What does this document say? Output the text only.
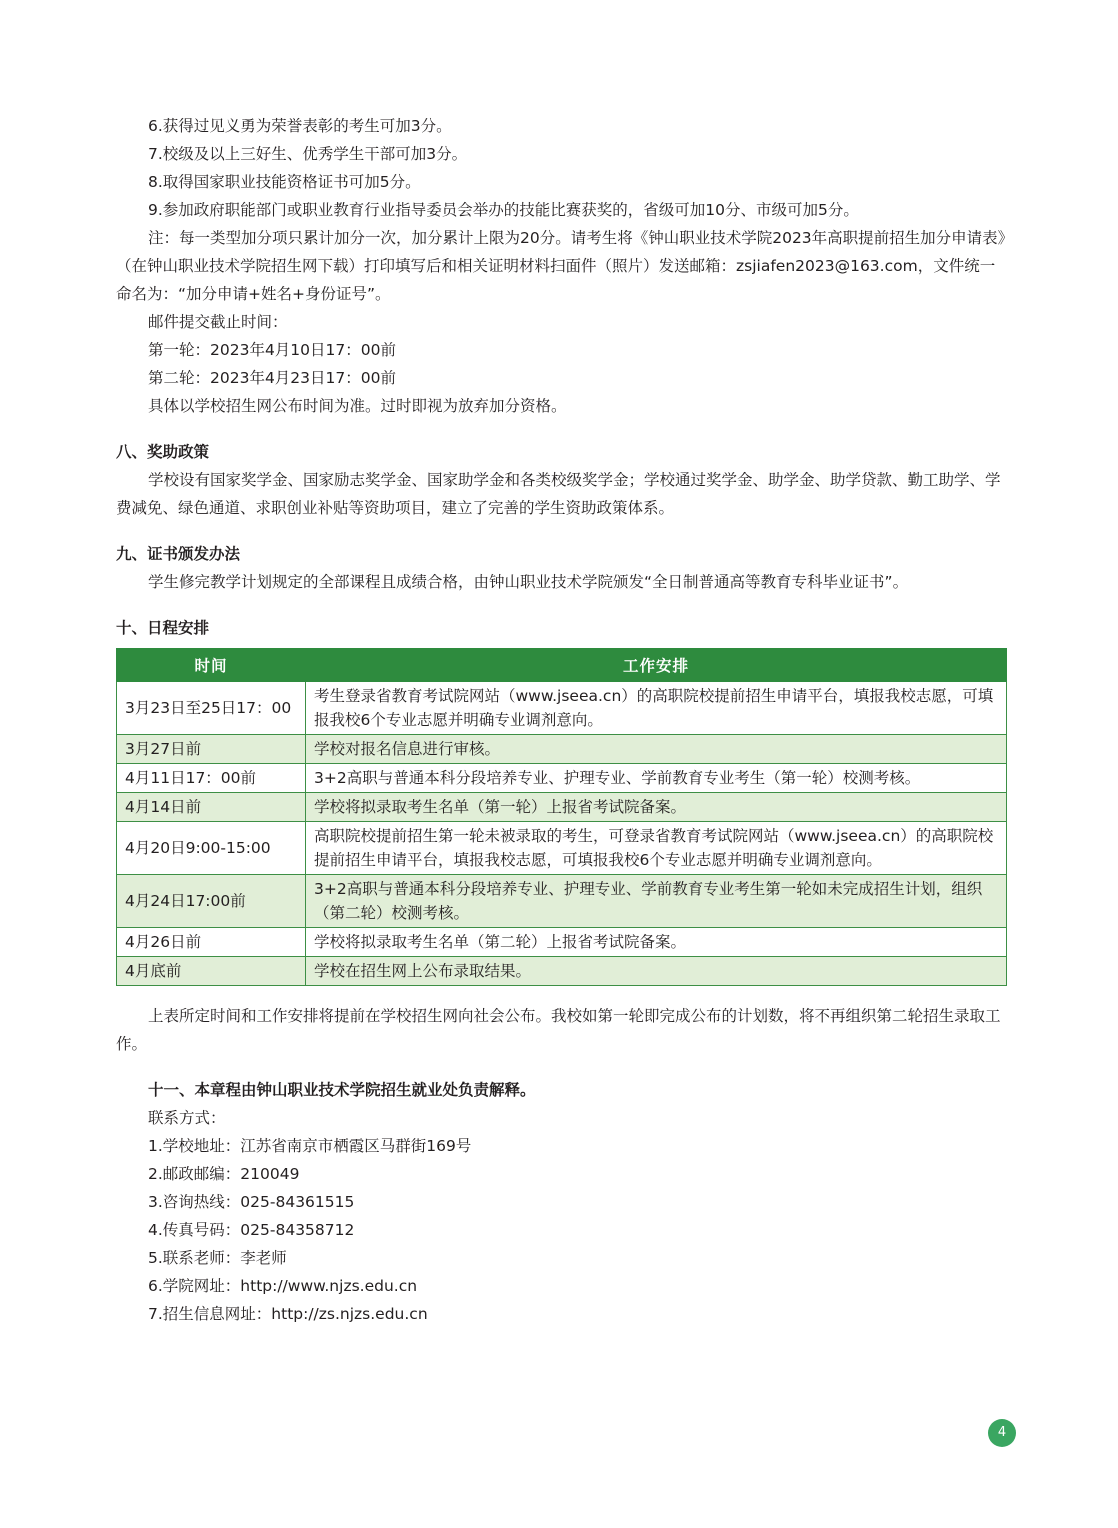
6.获得过见义勇为荣誉表彰的考生可加3分。

7.校级及以上三好生、优秀学生干部可加3分。

8.取得国家职业技能资格证书可加5分。

9.参加政府职能部门或职业教育行业指导委员会举办的技能比赛获奖的，省级可加10分、市级可加5分。

注：每一类型加分项只累计加分一次，加分累计上限为20分。请考生将《钟山职业技术学院2023年高职提前招生加分申请表》（在钟山职业技术学院招生网下载）打印填写后和相关证明材料扫面件（照片）发送邮箱：zsjiafen2023@163.com，文件统一命名为：“加分申请+姓名+身份证号”。

邮件提交截止时间：

第一轮：2023年4月10日17：00前

第二轮：2023年4月23日17：00前

具体以学校招生网公布时间为准。过时即视为放弃加分资格。

八、奖助政策

学校设有国家奖学金、国家励志奖学金、国家助学金和各类校级奖学金；学校通过奖学金、助学金、助学贷款、勤工助学、学费减免、绿色通道、求职创业补贴等资助项目，建立了完善的学生资助政策体系。

九、证书颁发办法

学生修完教学计划规定的全部课程且成绩合格，由钟山职业技术学院颁发“全日制普通高等教育专科毕业证书”。

十、日程安排

时间	工作安排
3月23日至25日17：00	考生登录省教育考试院网站（www.jseea.cn）的高职院校提前招生申请平台，填报我校志愿，可填报我校6个专业志愿并明确专业调剂意向。
3月27日前	学校对报名信息进行审核。
4月11日17：00前	3+2高职与普通本科分段培养专业、护理专业、学前教育专业考生（第一轮）校测考核。
4月14日前	学校将拟录取考生名单（第一轮）上报省考试院备案。
4月20日9:00-15:00	高职院校提前招生第一轮未被录取的考生，可登录省教育考试院网站（www.jseea.cn）的高职院校提前招生申请平台，填报我校志愿，可填报我校6个专业志愿并明确专业调剂意向。
4月24日17:00前	3+2高职与普通本科分段培养专业、护理专业、学前教育专业考生第一轮如未完成招生计划，组织（第二轮）校测考核。
4月26日前	学校将拟录取考生名单（第二轮）上报省考试院备案。
4月底前	学校在招生网上公布录取结果。

上表所定时间和工作安排将提前在学校招生网向社会公布。我校如第一轮即完成公布的计划数，将不再组织第二轮招生录取工作。

十一、本章程由钟山职业技术学院招生就业处负责解释。

联系方式：

1.学校地址：江苏省南京市栖霞区马群街169号

2.邮政邮编：210049

3.咨询热线：025-84361515

4.传真号码：025-84358712

5.联系老师：李老师

6.学院网址：http://www.njzs.edu.cn

7.招生信息网址：http://zs.njzs.edu.cn

4
